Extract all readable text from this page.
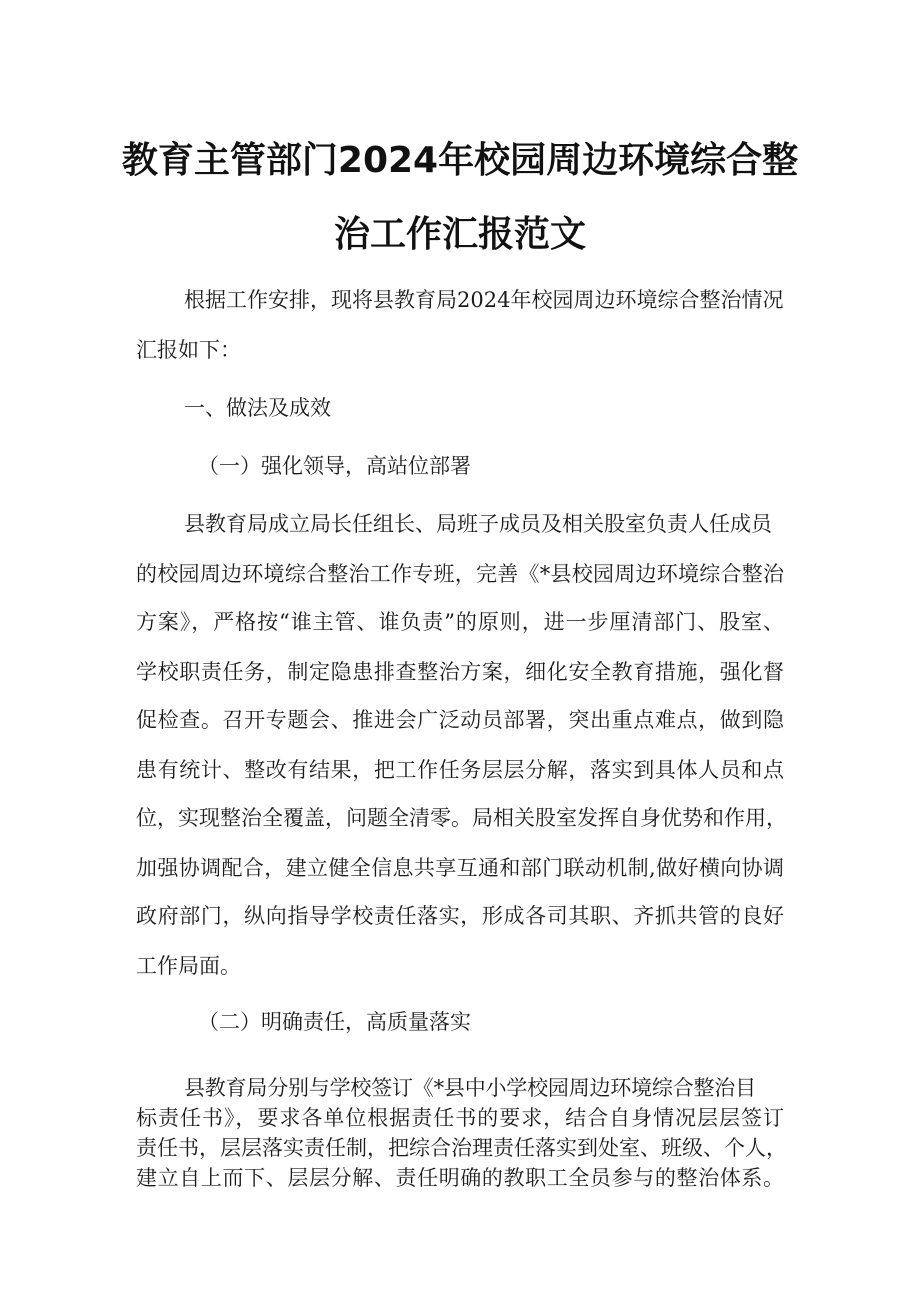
教育主管部门2024年校园周边环境综合整
治工作汇报范文

根据工作安排，现将县教育局2024年校园周边环境综合整治情况

汇报如下：

一、做法及成效

（一）强化领导，高站位部署

县教育局成立局长任组长、局班子成员及相关股室负责人任成员

的校园周边环境综合整治工作专班，完善《*县校园周边环境综合整治

方案》，严格按“谁主管、谁负责”的原则，进一步厘清部门、股室、

学校职责任务，制定隐患排查整治方案，细化安全教育措施，强化督

促检查。召开专题会、推进会广泛动员部署，突出重点难点，做到隐

患有统计、整改有结果，把工作任务层层分解，落实到具体人员和点

位，实现整治全覆盖，问题全清零。局相关股室发挥自身优势和作用，

加强协调配合，建立健全信息共享互通和部门联动机制,做好横向协调

政府部门，纵向指导学校责任落实，形成各司其职、齐抓共管的良好

工作局面。

（二）明确责任，高质量落实

县教育局分别与学校签订《*县中小学校园周边环境综合整治目

标责任书》，要求各单位根据责任书的要求，结合自身情况层层签订

责任书，层层落实责任制，把综合治理责任落实到处室、班级、个人，

建立自上而下、层层分解、责任明确的教职工全员参与的整治体系。
